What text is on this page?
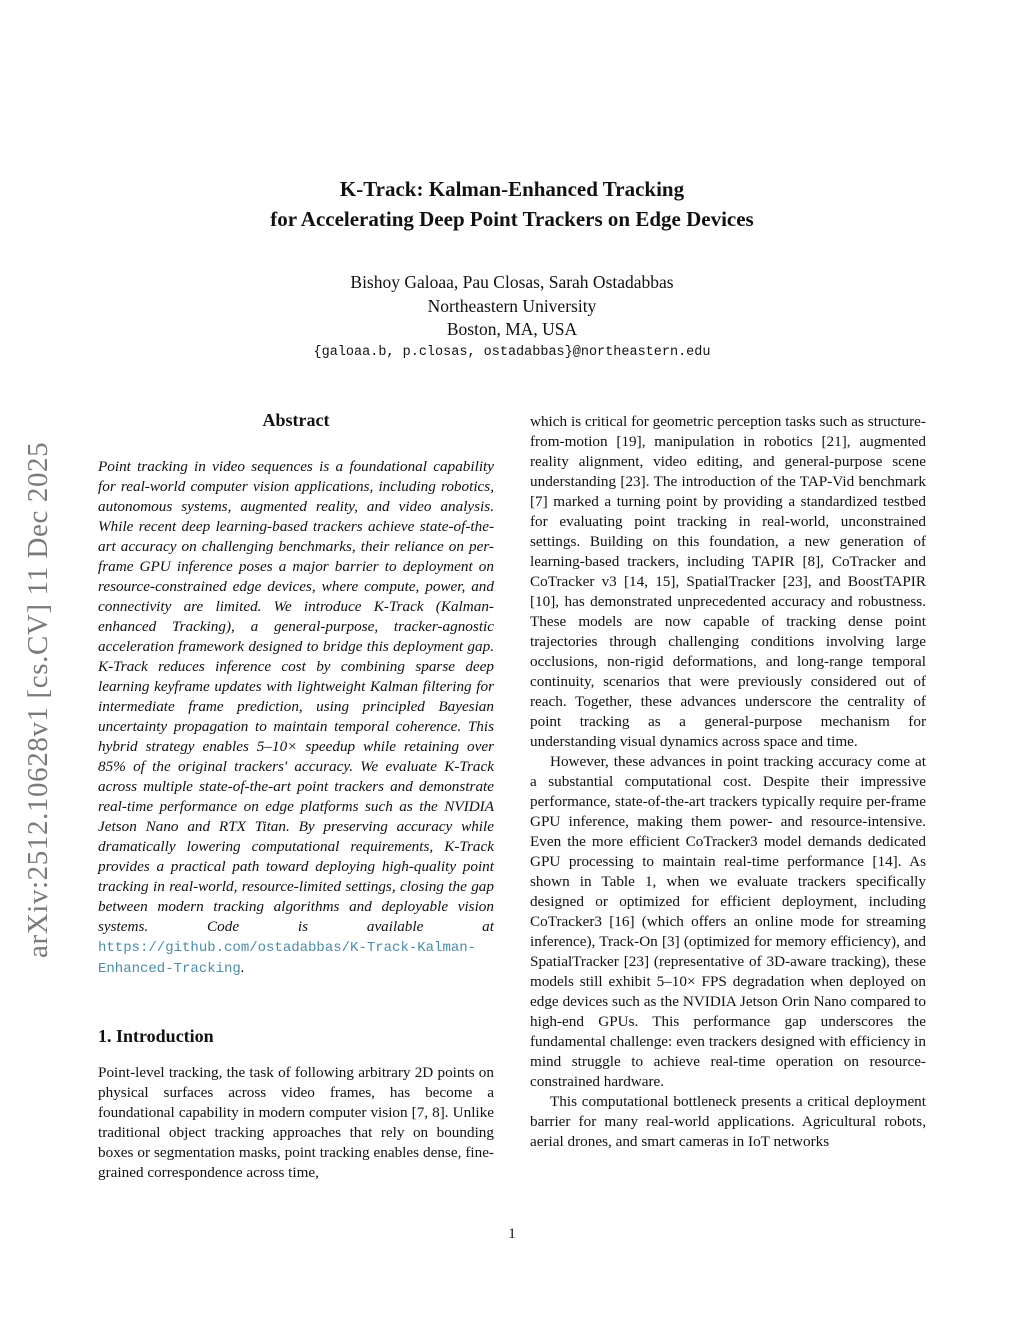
arXiv:2512.10628v1 [cs.CV] 11 Dec 2025
K-Track: Kalman-Enhanced Tracking
for Accelerating Deep Point Trackers on Edge Devices
Bishoy Galoaa, Pau Closas, Sarah Ostadabbas
Northeastern University
Boston, MA, USA
{galoaa.b, p.closas, ostadabbas}@northeastern.edu
Abstract

Point tracking in video sequences is a foundational capability for real-world computer vision applications, including robotics, autonomous systems, augmented reality, and video analysis. While recent deep learning-based trackers achieve state-of-the-art accuracy on challenging benchmarks, their reliance on per-frame GPU inference poses a major barrier to deployment on resource-constrained edge devices, where compute, power, and connectivity are limited. We introduce K-Track (Kalman-enhanced Tracking), a general-purpose, tracker-agnostic acceleration framework designed to bridge this deployment gap. K-Track reduces inference cost by combining sparse deep learning keyframe updates with lightweight Kalman filtering for intermediate frame prediction, using principled Bayesian uncertainty propagation to maintain temporal coherence. This hybrid strategy enables 5–10× speedup while retaining over 85% of the original trackers' accuracy. We evaluate K-Track across multiple state-of-the-art point trackers and demonstrate real-time performance on edge platforms such as the NVIDIA Jetson Nano and RTX Titan. By preserving accuracy while dramatically lowering computational requirements, K-Track provides a practical path toward deploying high-quality point tracking in real-world, resource-limited settings, closing the gap between modern tracking algorithms and deployable vision systems. Code is available at https://github.com/ostadabbas/K-Track-Kalman-Enhanced-Tracking.

1. Introduction

Point-level tracking, the task of following arbitrary 2D points on physical surfaces across video frames, has become a foundational capability in modern computer vision [7, 8]. Unlike traditional object tracking approaches that rely on bounding boxes or segmentation masks, point tracking enables dense, fine-grained correspondence across time,

which is critical for geometric perception tasks such as structure-from-motion [19], manipulation in robotics [21], augmented reality alignment, video editing, and general-purpose scene understanding [23]. The introduction of the TAP-Vid benchmark [7] marked a turning point by providing a standardized testbed for evaluating point tracking in real-world, unconstrained settings. Building on this foundation, a new generation of learning-based trackers, including TAPIR [8], CoTracker and CoTracker v3 [14, 15], SpatialTracker [23], and BoostTAPIR [10], has demonstrated unprecedented accuracy and robustness. These models are now capable of tracking dense point trajectories through challenging conditions involving large occlusions, non-rigid deformations, and long-range temporal continuity, scenarios that were previously considered out of reach. Together, these advances underscore the centrality of point tracking as a general-purpose mechanism for understanding visual dynamics across space and time.

However, these advances in point tracking accuracy come at a substantial computational cost. Despite their impressive performance, state-of-the-art trackers typically require per-frame GPU inference, making them power- and resource-intensive. Even the more efficient CoTracker3 model demands dedicated GPU processing to maintain real-time performance [14]. As shown in Table 1, when we evaluate trackers specifically designed or optimized for efficient deployment, including CoTracker3 [16] (which offers an online mode for streaming inference), Track-On [3] (optimized for memory efficiency), and SpatialTracker [23] (representative of 3D-aware tracking), these models still exhibit 5–10× FPS degradation when deployed on edge devices such as the NVIDIA Jetson Orin Nano compared to high-end GPUs. This performance gap underscores the fundamental challenge: even trackers designed with efficiency in mind struggle to achieve real-time operation on resource-constrained hardware.

This computational bottleneck presents a critical deployment barrier for many real-world applications. Agricultural robots, aerial drones, and smart cameras in IoT networks

1
